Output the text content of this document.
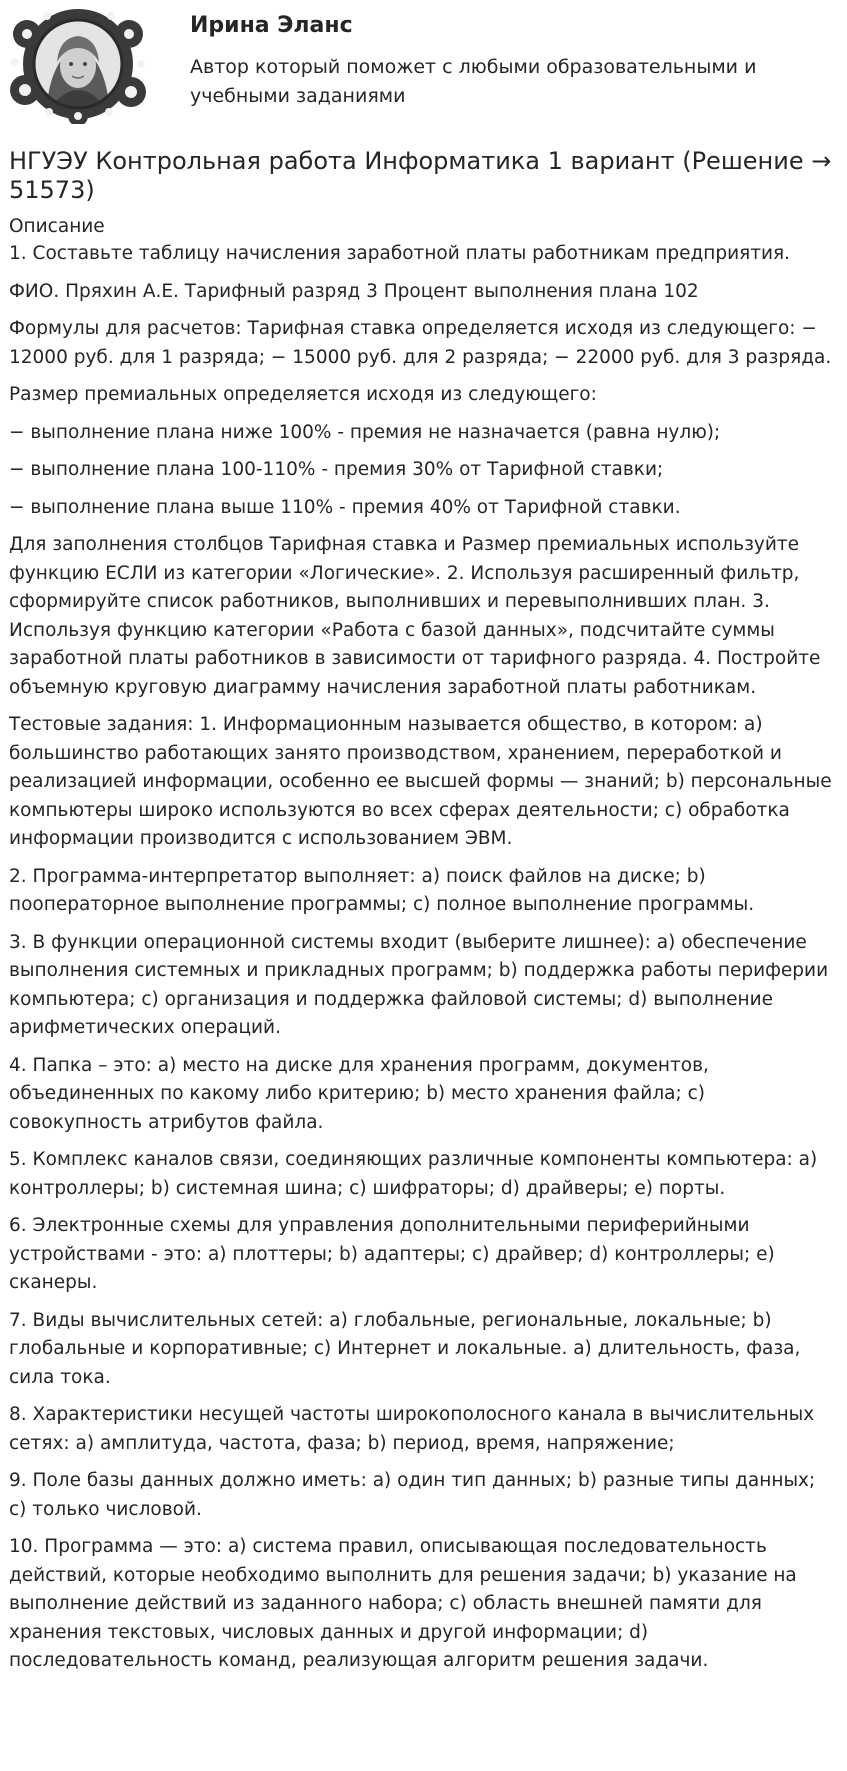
Ирина Эланс
Автор который поможет с любыми образовательными и учебными заданиями
НГУЭУ Контрольная работа Информатика 1 вариант (Решение → 51573)
Описание

1. Составьте таблицу начисления заработной платы работникам предприятия.

ФИО. Пряхин А.Е. Тарифный разряд 3 Процент выполнения плана 102

Формулы для расчетов: Тарифная ставка определяется исходя из следующего: − 12000 руб. для 1 разряда; − 15000 руб. для 2 разряда; − 22000 руб. для 3 разряда.

Размер премиальных определяется исходя из следующего:

− выполнение плана ниже 100% - премия не назначается (равна нулю);

− выполнение плана 100-110% - премия 30% от Тарифной ставки;

− выполнение плана выше 110% - премия 40% от Тарифной ставки.

Для заполнения столбцов Тарифная ставка и Размер премиальных используйте функцию ЕСЛИ из категории «Логические». 2. Используя расширенный фильтр, сформируйте список работников, выполнивших и перевыполнивших план. 3. Используя функцию категории «Работа с базой данных», подсчитайте суммы заработной платы работников в зависимости от тарифного разряда. 4. Постройте объемную круговую диаграмму начисления заработной платы работникам.

Тестовые задания: 1. Информационным называется общество, в котором: a) большинство работающих занято производством, хранением, переработкой и реализацией информации, особенно ее высшей формы — знаний; b) персональные компьютеры широко используются во всех сферах деятельности; c) обработка информации производится с использованием ЭВМ.

2. Программа-интерпретатор выполняет: a) поиск файлов на диске; b) пооператорное выполнение программы; c) полное выполнение программы.

3. В функции операционной системы входит (выберите лишнее): a) обеспечение выполнения системных и прикладных программ; b) поддержка работы периферии компьютера; c) организация и поддержка файловой системы; d) выполнение арифметических операций.

4. Папка – это: a) место на диске для хранения программ, документов, объединенных по какому либо критерию; b) место хранения файла; c) совокупность атрибутов файла.

5. Комплекс каналов связи, соединяющих различные компоненты компьютера: a) контроллеры; b) системная шина; c) шифраторы; d) драйверы; e) порты.

6. Электронные схемы для управления дополнительными периферийными устройствами - это: a) плоттеры; b) адаптеры; c) драйвер; d) контроллеры; e) сканеры.

7. Виды вычислительных сетей: a) глобальные, региональные, локальные; b) глобальные и корпоративные; c) Интернет и локальные. a) длительность, фаза, сила тока.

8. Характеристики несущей частоты широкополосного канала в вычислительных сетях: a) амплитуда, частота, фаза; b) период, время, напряжение;

9. Поле базы данных должно иметь: a) один тип данных; b) разные типы данных; c) только числовой.

10. Программа — это: a) система правил, описывающая последовательность действий, которые необходимо выполнить для решения задачи; b) указание на выполнение действий из заданного набора; c) область внешней памяти для хранения текстовых, числовых данных и другой информации; d) последовательность команд, реализующая алгоритм решения задачи.
